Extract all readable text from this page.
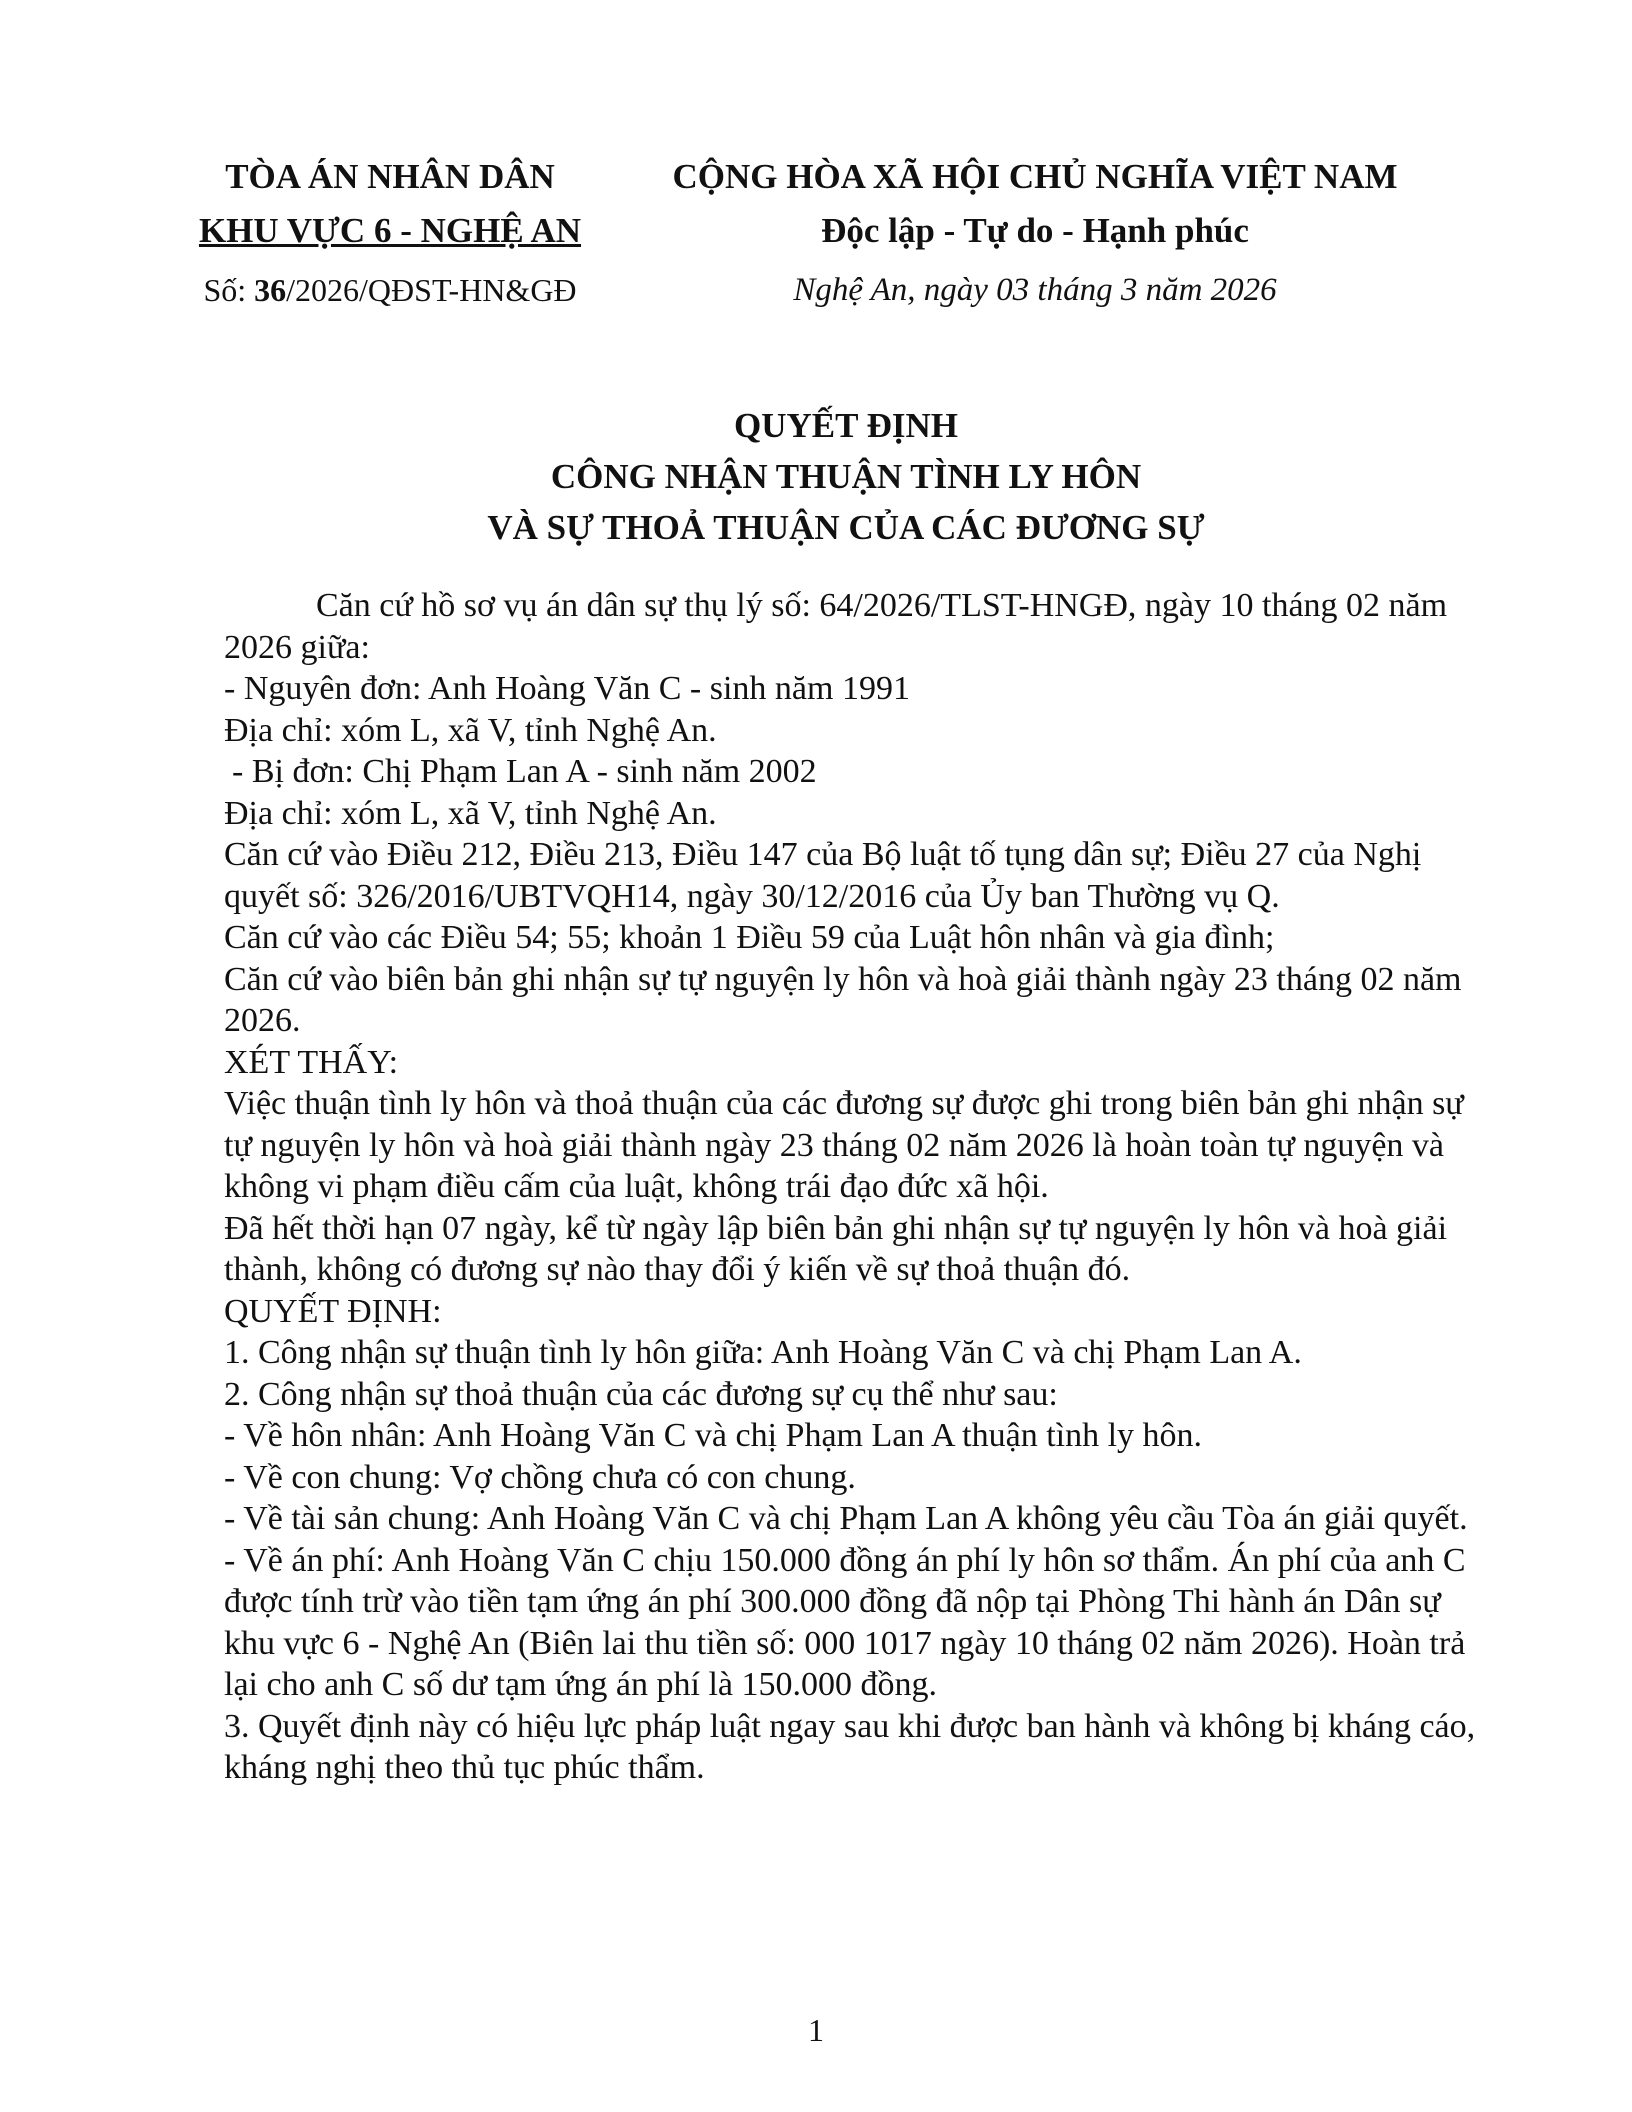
TÒA ÁN NHÂN DÂN
KHU VỰC 6 - NGHỆ AN
CỘNG HÒA XÃ HỘI CHỦ NGHĨA VIỆT NAM
Độc lập - Tự do - Hạnh phúc
Số: 36/2026/QĐST-HN&GĐ	Nghệ An, ngày 03 tháng 3 năm 2026
QUYẾT ĐỊNH
CÔNG NHẬN THUẬN TÌNH LY HÔN
VÀ SỰ THOẢ THUẬN CỦA CÁC ĐƯƠNG SỰ

Căn cứ hồ sơ vụ án dân sự thụ lý số: 64/2026/TLST-HNGĐ, ngày 10 tháng 02 năm 2026 giữa:

- Nguyên đơn: Anh Hoàng Văn C - sinh năm 1991

Địa chỉ: xóm L, xã V, tỉnh Nghệ An.

- Bị đơn: Chị Phạm Lan A - sinh năm 2002

Địa chỉ: xóm L, xã V, tỉnh Nghệ An.

Căn cứ vào Điều 212, Điều 213, Điều 147 của Bộ luật tố tụng dân sự; Điều 27 của Nghị quyết số: 326/2016/UBTVQH14, ngày 30/12/2016 của Ủy ban Thường vụ Q.

Căn cứ vào các Điều 54; 55; khoản 1 Điều 59 của Luật hôn nhân và gia đình;

Căn cứ vào biên bản ghi nhận sự tự nguyện ly hôn và hoà giải thành ngày 23 tháng 02 năm 2026.

XÉT THẤY:

Việc thuận tình ly hôn và thoả thuận của các đương sự được ghi trong biên bản ghi nhận sự tự nguyện ly hôn và hoà giải thành ngày 23 tháng 02 năm 2026 là hoàn toàn tự nguyện và không vi phạm điều cấm của luật, không trái đạo đức xã hội.

Đã hết thời hạn 07 ngày, kể từ ngày lập biên bản ghi nhận sự tự nguyện ly hôn và hoà giải thành, không có đương sự nào thay đổi ý kiến về sự thoả thuận đó.

QUYẾT ĐỊNH:

1. Công nhận sự thuận tình ly hôn giữa: Anh Hoàng Văn C và chị Phạm Lan A.

2. Công nhận sự thoả thuận của các đương sự cụ thể như sau:

- Về hôn nhân: Anh Hoàng Văn C và chị Phạm Lan A thuận tình ly hôn.

- Về con chung: Vợ chồng chưa có con chung.

- Về tài sản chung: Anh Hoàng Văn C và chị Phạm Lan A không yêu cầu Tòa án giải quyết.

- Về án phí: Anh Hoàng Văn C chịu 150.000 đồng án phí ly hôn sơ thẩm. Án phí của anh C được tính trừ vào tiền tạm ứng án phí 300.000 đồng đã nộp tại Phòng Thi hành án Dân sự khu vực 6 - Nghệ An (Biên lai thu tiền số: 000 1017 ngày 10 tháng 02 năm 2026). Hoàn trả lại cho anh C số dư tạm ứng án phí là 150.000 đồng.

3. Quyết định này có hiệu lực pháp luật ngay sau khi được ban hành và không bị kháng cáo, kháng nghị theo thủ tục phúc thẩm.

1
